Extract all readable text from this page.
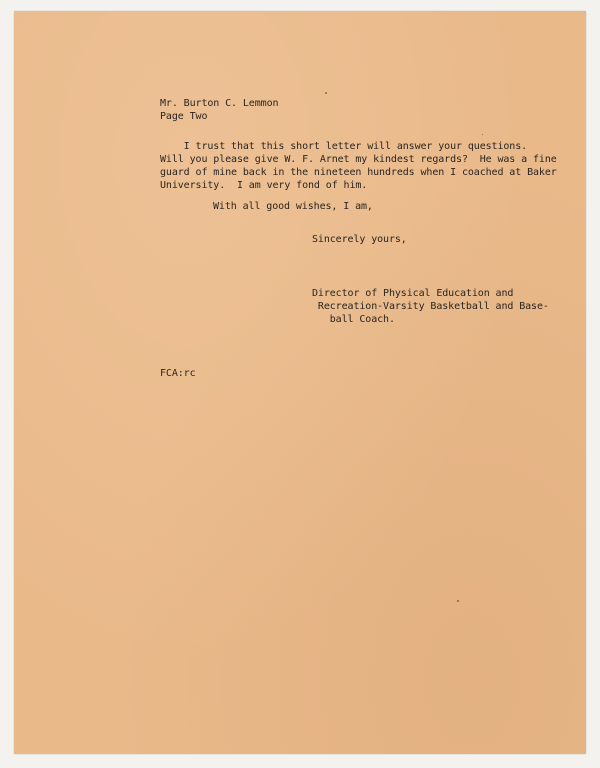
Mr. Burton C. Lemmon
Page Two
I trust that this short letter will answer your questions.
Will you please give W. F. Arnet my kindest regards?  He was a fine
guard of mine back in the nineteen hundreds when I coached at Baker
University.  I am very fond of him.
With all good wishes, I am,
Sincerely yours,
Director of Physical Education and
Recreation-Varsity Basketball and Base-
ball Coach.
FCA:rc
